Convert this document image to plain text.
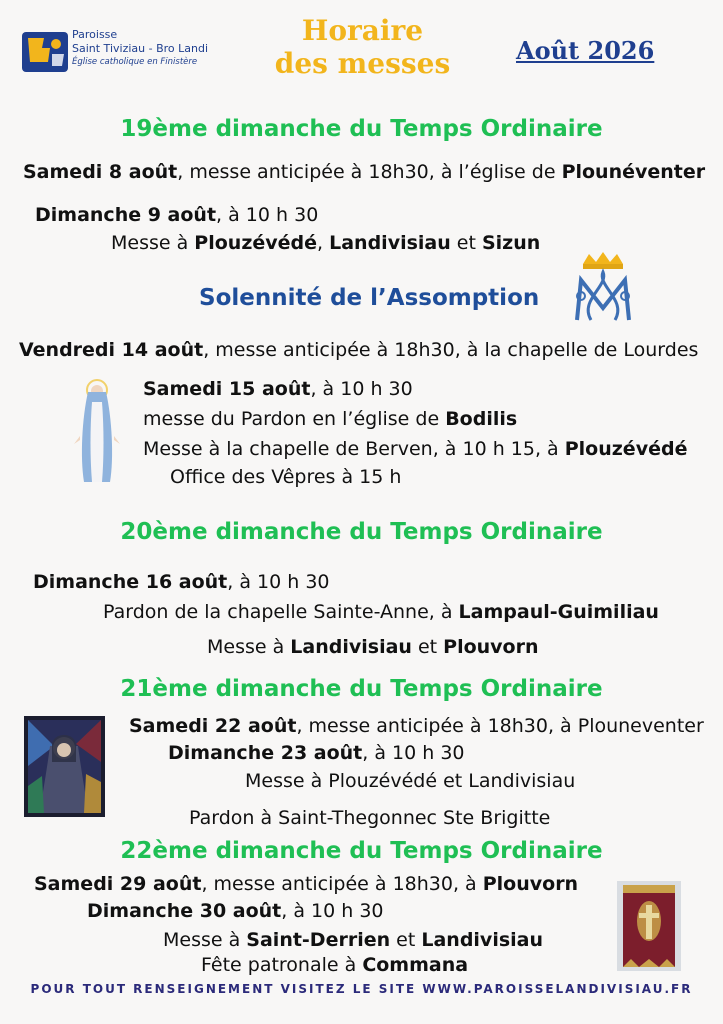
Paroisse
Saint Tiviziau - Bro Landi
Église catholique en Finistère
Horaire
des messes	Août 2026
19ème dimanche du Temps Ordinaire
Samedi 8 août, messe anticipée à 18h30, à l’église de Plounéventer
Dimanche 9 août, à 10 h 30
Messe à Plouzévédé, Landivisiau et Sizun
Solennité de l’Assomption
Vendredi 14 août, messe anticipée à 18h30, à la chapelle de Lourdes
Samedi 15 août, à 10 h 30
messe du Pardon en l’église de Bodilis
Messe à la chapelle de Berven, à 10 h 15, à Plouzévédé
Office des Vêpres à 15 h
20ème dimanche du Temps Ordinaire
Dimanche 16 août, à 10 h 30
Pardon de la chapelle Sainte-Anne, à Lampaul-Guimiliau
Messe à Landivisiau et Plouvorn
21ème dimanche du Temps Ordinaire
Samedi 22 août, messe anticipée à 18h30, à Plouneventer
Dimanche 23 août, à 10 h 30
Messe à Plouzévédé et Landivisiau
Pardon à Saint-Thegonnec Ste Brigitte
22ème dimanche du Temps Ordinaire
Samedi 29 août, messe anticipée à 18h30, à Plouvorn
Dimanche 30 août, à 10 h 30
Messe à Saint-Derrien et Landivisiau
Fête patronale à Commana
POUR TOUT RENSEIGNEMENT VISITEZ LE SITE WWW.PAROISSELANDIVISIAU.FR
